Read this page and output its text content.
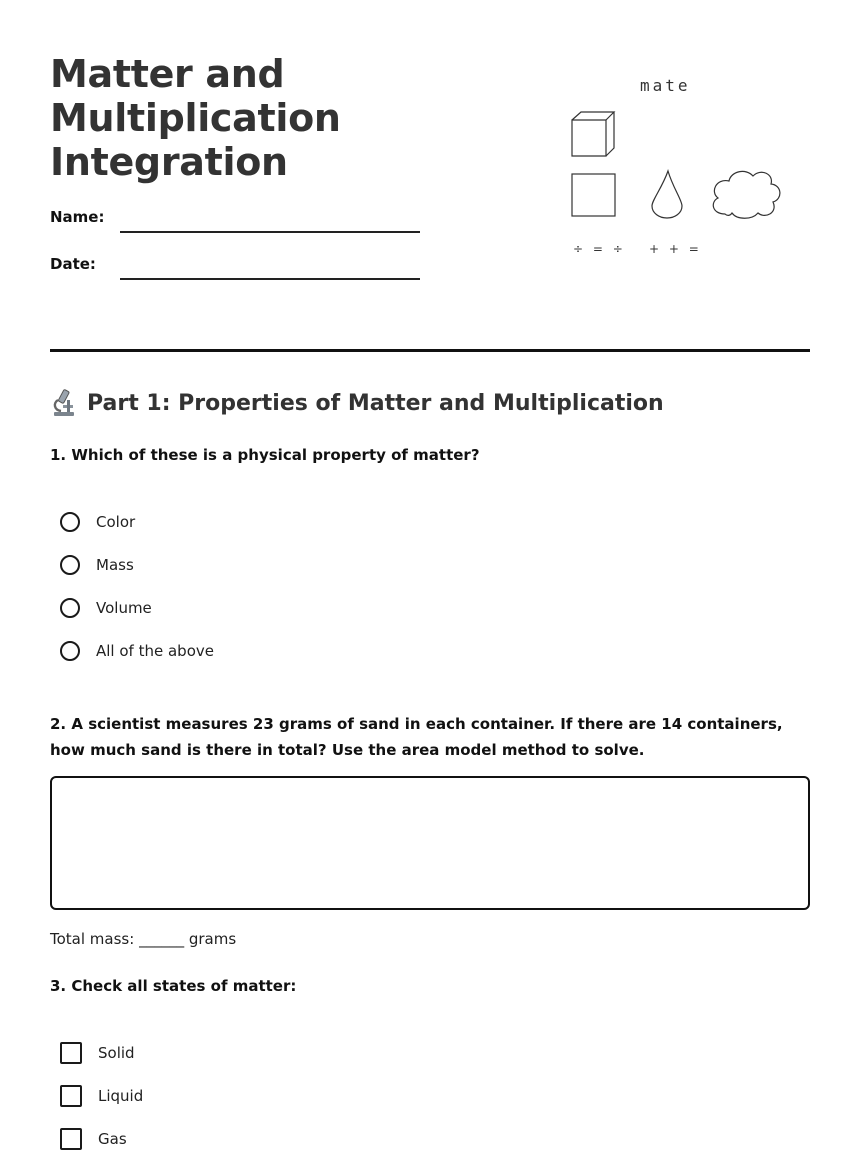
Matter and Multiplication Integration
Name:
Date:
mate
÷ = ÷ + + =
Part 1: Properties of Matter and Multiplication

1. Which of these is a physical property of matter?

Color
Mass
Volume
All of the above

2. A scientist measures 23 grams of sand in each container. If there are 14 containers, how much sand is there in total? Use the area model method to solve.

Total mass: ______ grams

3. Check all states of matter:

Solid
Liquid
Gas
